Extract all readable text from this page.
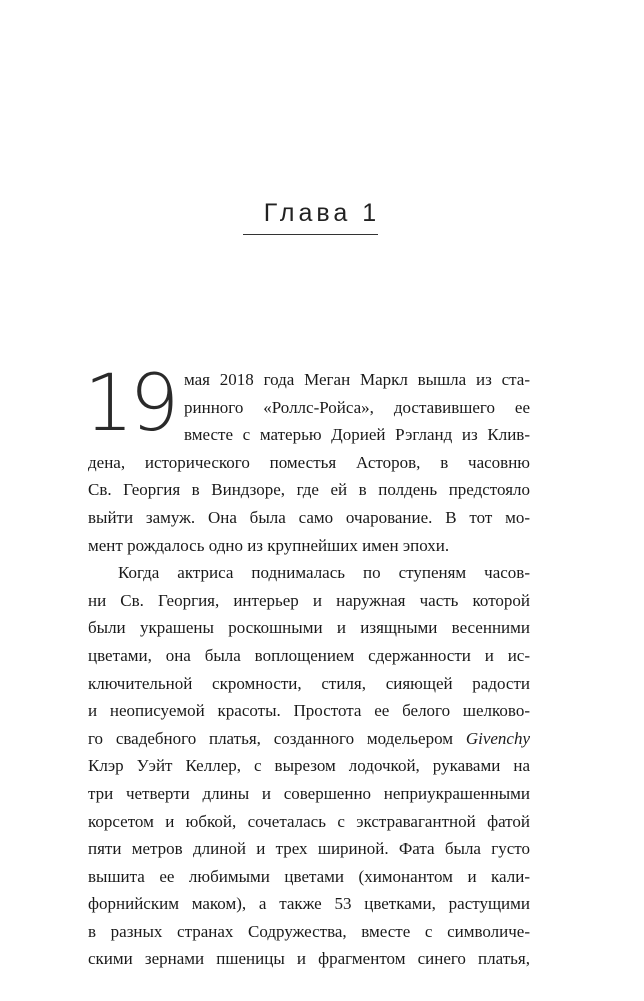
Глава 1
19 мая 2018 года Меган Маркл вышла из ста-
ринного «Роллс-Ройса», доставившего ее
вместе с матерью Дорией Рэгланд из Клив-
дена, исторического поместья Асторов, в часовню
Св. Георгия в Виндзоре, где ей в полдень предстояло
выйти замуж. Она была само очарование. В тот мо-
мент рождалось одно из крупнейших имен эпохи.
Когда актриса поднималась по ступеням часов-
ни Св. Георгия, интерьер и наружная часть которой
были украшены роскошными и изящными весенними
цветами, она была воплощением сдержанности и ис-
ключительной скромности, стиля, сияющей радости
и неописуемой красоты. Простота ее белого шелково-
го свадебного платья, созданного модельером Givenchy
Клэр Уэйт Келлер, с вырезом лодочкой, рукавами на
три четверти длины и совершенно неприукрашенными
корсетом и юбкой, сочеталась с экстравагантной фатой
пяти метров длиной и трех шириной. Фата была густо
вышита ее любимыми цветами (химонантом и кали-
форнийским маком), а также 53 цветками, растущими
в разных странах Содружества, вместе с символиче-
скими зернами пшеницы и фрагментом синего платья,
